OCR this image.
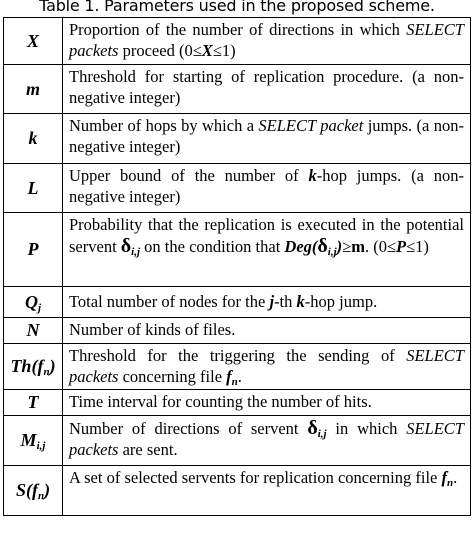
Table 1. Parameters used in the proposed scheme.
X	Proportion of the number of directions in which SELECT packets proceed (0≤X≤1)
m	Threshold for starting of replication procedure. (a non-negative integer)
k	Number of hops by which a SELECT packet jumps. (a non-negative integer)
L	Upper bound of the number of k-hop jumps. (a non-negative integer)
P	Probability that the replication is executed in the potential servent $\delta_{i,j}$ on the condition that $Deg(\delta_{i,j})\ge m$. (0≤P≤1)
$Q_j$	Total number of nodes for the j-th k-hop jump.
N	Number of kinds of files.
$Th(f_n)$	Threshold for the triggering the sending of SELECT packets concerning file $f_n$.
T	Time interval for counting the number of hits.
$M_{i,j}$	Number of directions of servent $\delta_{i,j}$ in which SELECT packets are sent.
$S(f_n)$	A set of selected servents for replication concerning file $f_n$.
